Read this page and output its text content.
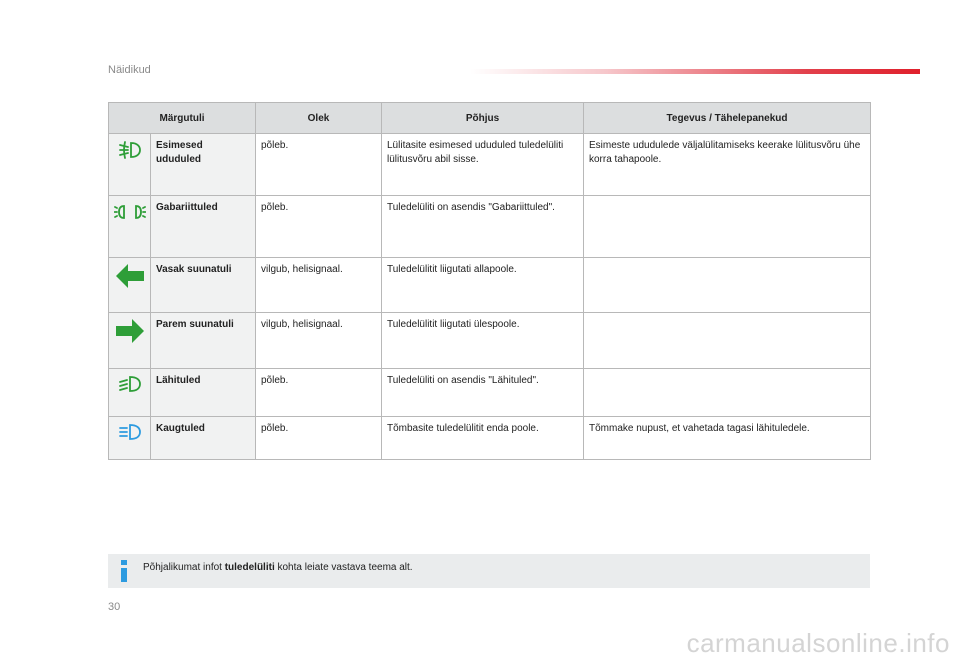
Näidikud
Märgutuli		Olek	Põhjus	Tegevus / Tähelepanekud
	Esimesed ududuled	põleb.	Lülitasite esimesed ududuled tuledelüliti lülitusvõru abil sisse.	Esimeste ududulede väljalülitamiseks keerake lülitusvõru ühe korra tahapoole.
	Gabariittuled	põleb.	Tuledelüliti on asendis "Gabariittuled".	
	Vasak suunatuli	vilgub, helisignaal.	Tuledelülitit liigutati allapoole.	
	Parem suunatuli	vilgub, helisignaal.	Tuledelülitit liigutati ülespoole.	
	Lähituled	põleb.	Tuledelüliti on asendis "Lähituled".	
	Kaugtuled	põleb.	Tõmbasite tuledelülitit enda poole.	Tõmmake nupust, et vahetada tagasi lähituledele.
Põhjalikumat infot tuledelüliti kohta leiate vastava teema alt.
30
carmanualsonline.info
